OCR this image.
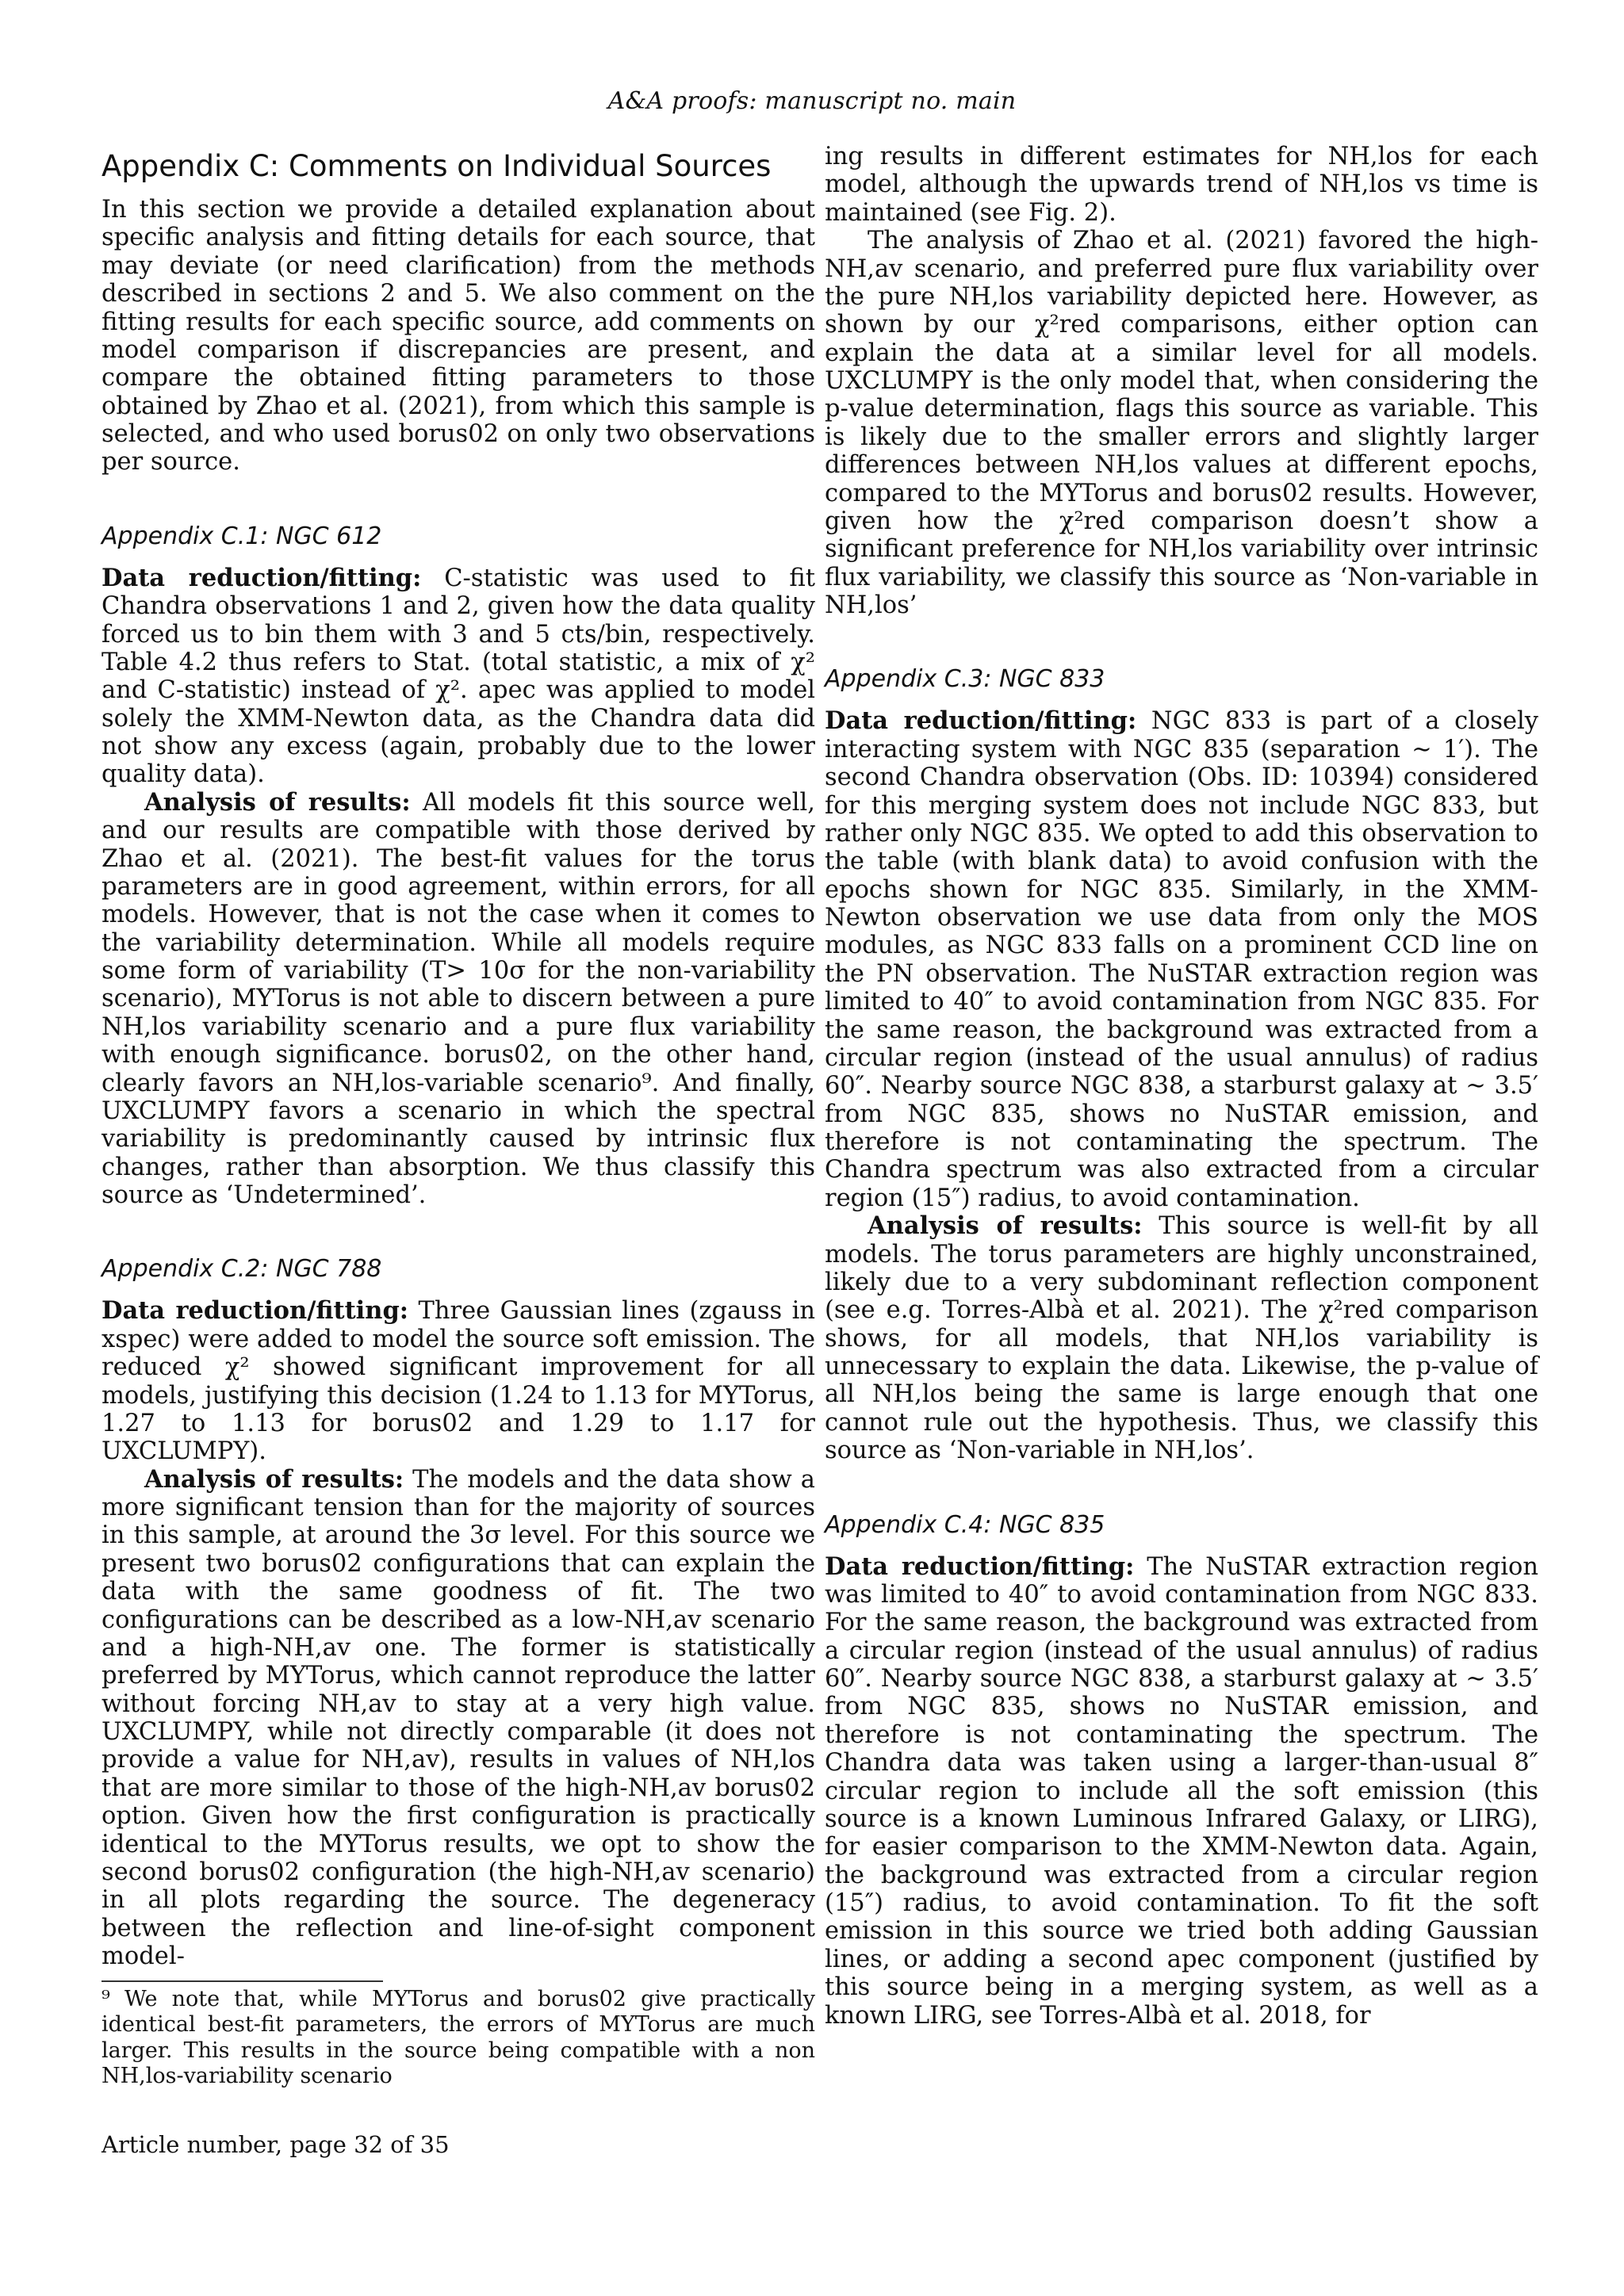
A&A proofs: manuscript no. main
Appendix C: Comments on Individual Sources

In this section we provide a detailed explanation about specific analysis and fitting details for each source, that may deviate (or need clarification) from the methods described in sections 2 and 5. We also comment on the fitting results for each specific source, add comments on model comparison if discrepancies are present, and compare the obtained fitting parameters to those obtained by Zhao et al. (2021), from which this sample is selected, and who used borus02 on only two observations per source.

Appendix C.1: NGC 612

Data reduction/fitting: C-statistic was used to fit Chandra observations 1 and 2, given how the data quality forced us to bin them with 3 and 5 cts/bin, respectively. Table 4.2 thus refers to Stat. (total statistic, a mix of χ² and C-statistic) instead of χ². apec was applied to model solely the XMM-Newton data, as the Chandra data did not show any excess (again, probably due to the lower quality data).

Analysis of results: All models fit this source well, and our results are compatible with those derived by Zhao et al. (2021). The best-fit values for the torus parameters are in good agreement, within errors, for all models. However, that is not the case when it comes to the variability determination. While all models require some form of variability (T> 10σ for the non-variability scenario), MYTorus is not able to discern between a pure NH,los variability scenario and a pure flux variability with enough significance. borus02, on the other hand, clearly favors an NH,los-variable scenario⁹. And finally, UXCLUMPY favors a scenario in which the spectral variability is predominantly caused by intrinsic flux changes, rather than absorption. We thus classify this source as ‘Undetermined’.

Appendix C.2: NGC 788

Data reduction/fitting: Three Gaussian lines (zgauss in xspec) were added to model the source soft emission. The reduced χ² showed significant improvement for all models, justifying this decision (1.24 to 1.13 for MYTorus, 1.27 to 1.13 for borus02 and 1.29 to 1.17 for UXCLUMPY).

Analysis of results: The models and the data show a more significant tension than for the majority of sources in this sample, at around the 3σ level. For this source we present two borus02 configurations that can explain the data with the same goodness of fit. The two configurations can be described as a low-NH,av scenario and a high-NH,av one. The former is statistically preferred by MYTorus, which cannot reproduce the latter without forcing NH,av to stay at a very high value. UXCLUMPY, while not directly comparable (it does not provide a value for NH,av), results in values of NH,los that are more similar to those of the high-NH,av borus02 option. Given how the first configuration is practically identical to the MYTorus results, we opt to show the second borus02 configuration (the high-NH,av scenario) in all plots regarding the source. The degeneracy between the reflection and line-of-sight component model-

⁹ We note that, while MYTorus and borus02 give practically identical best-fit parameters, the errors of MYTorus are much larger. This results in the source being compatible with a non NH,los-variability scenario

ing results in different estimates for NH,los for each model, although the upwards trend of NH,los vs time is maintained (see Fig. 2).

The analysis of Zhao et al. (2021) favored the high-NH,av scenario, and preferred pure flux variability over the pure NH,los variability depicted here. However, as shown by our χ²red comparisons, either option can explain the data at a similar level for all models. UXCLUMPY is the only model that, when considering the p-value determination, flags this source as variable. This is likely due to the smaller errors and slightly larger differences between NH,los values at different epochs, compared to the MYTorus and borus02 results. However, given how the χ²red comparison doesn’t show a significant preference for NH,los variability over intrinsic flux variability, we classify this source as ‘Non-variable in NH,los’

Appendix C.3: NGC 833

Data reduction/fitting: NGC 833 is part of a closely interacting system with NGC 835 (separation ∼ 1′). The second Chandra observation (Obs. ID: 10394) considered for this merging system does not include NGC 833, but rather only NGC 835. We opted to add this observation to the table (with blank data) to avoid confusion with the epochs shown for NGC 835. Similarly, in the XMM-Newton observation we use data from only the MOS modules, as NGC 833 falls on a prominent CCD line on the PN observation. The NuSTAR extraction region was limited to 40″ to avoid contamination from NGC 835. For the same reason, the background was extracted from a circular region (instead of the usual annulus) of radius 60″. Nearby source NGC 838, a starburst galaxy at ∼ 3.5′ from NGC 835, shows no NuSTAR emission, and therefore is not contaminating the spectrum. The Chandra spectrum was also extracted from a circular region (15″) radius, to avoid contamination.

Analysis of results: This source is well-fit by all models. The torus parameters are highly unconstrained, likely due to a very subdominant reflection component (see e.g. Torres-Albà et al. 2021). The χ²red comparison shows, for all models, that NH,los variability is unnecessary to explain the data. Likewise, the p-value of all NH,los being the same is large enough that one cannot rule out the hypothesis. Thus, we classify this source as ‘Non-variable in NH,los’.

Appendix C.4: NGC 835

Data reduction/fitting: The NuSTAR extraction region was limited to 40″ to avoid contamination from NGC 833. For the same reason, the background was extracted from a circular region (instead of the usual annulus) of radius 60″. Nearby source NGC 838, a starburst galaxy at ∼ 3.5′ from NGC 835, shows no NuSTAR emission, and therefore is not contaminating the spectrum. The Chandra data was taken using a larger-than-usual 8″ circular region to include all the soft emission (this source is a known Luminous Infrared Galaxy, or LIRG), for easier comparison to the XMM-Newton data. Again, the background was extracted from a circular region (15″) radius, to avoid contamination. To fit the soft emission in this source we tried both adding Gaussian lines, or adding a second apec component (justified by this source being in a merging system, as well as a known LIRG, see Torres-Albà et al. 2018, for

Article number, page 32 of 35
